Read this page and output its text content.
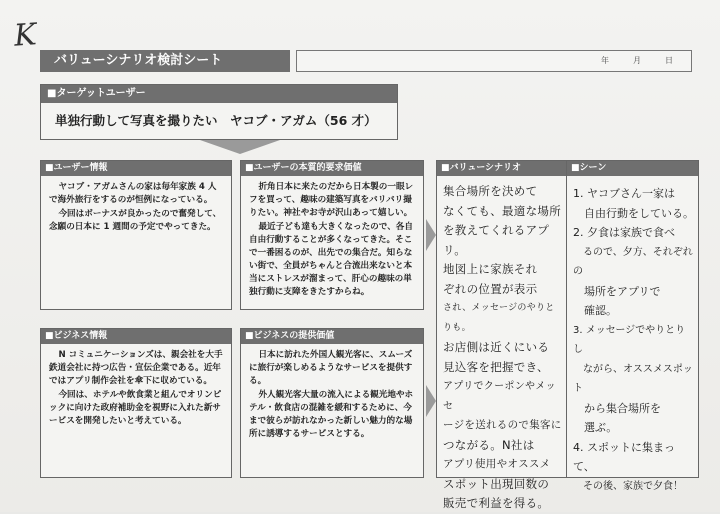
K
バリューシナリオ検討シート	年	月	日
■ターゲットユーザー
単独行動して写真を撮りたい　ヤコブ・アガム（56 才）
■ユーザー情報

ヤコブ・アガムさんの家は毎年家族 4 人で海外旅行をするのが恒例になっている。

今回はボーナスが良かったので奮発して、念願の日本に 1 週間の予定でやってきた。

■ユーザーの本質的要求価値

折角日本に来たのだから日本製の一眼レフを買って、趣味の建築写真をバリバリ撮りたい。神社やお寺が沢山あって嬉しい。

最近子ども達も大きくなったので、各自自由行動することが多くなってきた。そこで一番困るのが、出先での集合だ。知らない街で、全員がちゃんと合流出来ないと本当にストレスが溜まって、肝心の趣味の単独行動に支障をきたすからね。

■ビジネス情報

N コミュニケーションズは、親会社を大手鉄道会社に持つ広告・宣伝企業である。近年ではアプリ制作会社を傘下に収めている。

今回は、ホテルや飲食業と組んでオリンピックに向けた政府補助金を視野に入れた新サービスを開発したいと考えている。

■ビジネスの提供価値

日本に訪れた外国人観光客に、スムーズに旅行が楽しめるようなサービスを提供する。

外人観光客大量の流入による観光地やホテル・飲食店の混雑を緩和するために、今まで彼らが訪れなかった新しい魅力的な場所に誘導するサービスとする。

■バリューシナリオ
集合場所を決めて
なくても、最適な場所
を教えてくれるアプリ。
地図上に家族それ
ぞれの位置が表示
され、メッセージのやりとりも。
お店側は近くにいる
見込客を把握でき、
アプリでクーポンやメッセ
ージを送れるので集客に
つながる。N社は
アプリ使用やオススメ
スポット出現回数の
販売で利益を得る。
■シーン
1. ヤコブさん一家は
　自由行動をしている。
2. 夕食は家族で食べ
　るので、夕方、それぞれの
　場所をアプリで
　確認。
3. メッセージでやりとりし
　ながら、オススメスポット
　から集合場所を
　選ぶ。
4. スポットに集まって、
　その後、家族で夕食！
